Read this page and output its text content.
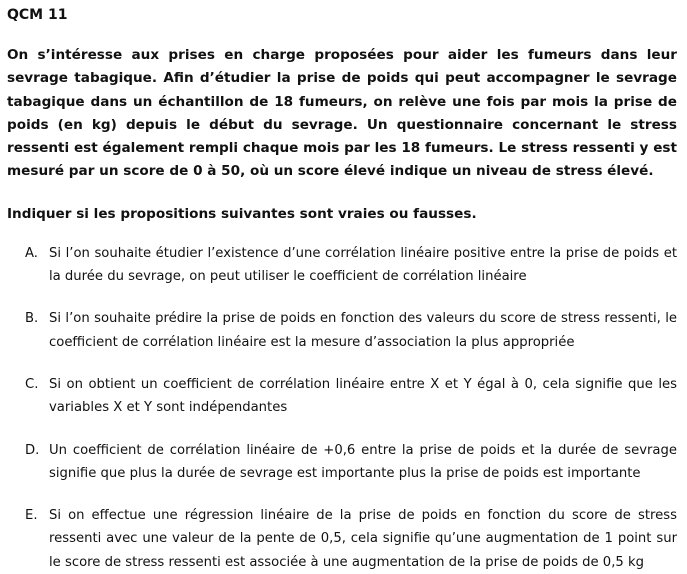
QCM 11

On s’intéresse aux prises en charge proposées pour aider les fumeurs dans leur sevrage tabagique. Afin d’étudier la prise de poids qui peut accompagner le sevrage tabagique dans un échantillon de 18 fumeurs, on relève une fois par mois la prise de poids (en kg) depuis le début du sevrage. Un questionnaire concernant le stress ressenti est également rempli chaque mois par les 18 fumeurs. Le stress ressenti y est mesuré par un score de 0 à 50, où un score élevé indique un niveau de stress élevé.

Indiquer si les propositions suivantes sont vraies ou fausses.

A. Si l’on souhaite étudier l’existence d’une corrélation linéaire positive entre la prise de poids et la durée du sevrage, on peut utiliser le coefficient de corrélation linéaire
B. Si l’on souhaite prédire la prise de poids en fonction des valeurs du score de stress ressenti, le coefficient de corrélation linéaire est la mesure d’association la plus appropriée
C. Si on obtient un coefficient de corrélation linéaire entre X et Y égal à 0, cela signifie que les variables X et Y sont indépendantes
D. Un coefficient de corrélation linéaire de +0,6 entre la prise de poids et la durée de sevrage signifie que plus la durée de sevrage est importante plus la prise de poids est importante
E. Si on effectue une régression linéaire de la prise de poids en fonction du score de stress ressenti avec une valeur de la pente de 0,5, cela signifie qu’une augmentation de 1 point sur le score de stress ressenti est associée à une augmentation de la prise de poids de 0,5 kg
